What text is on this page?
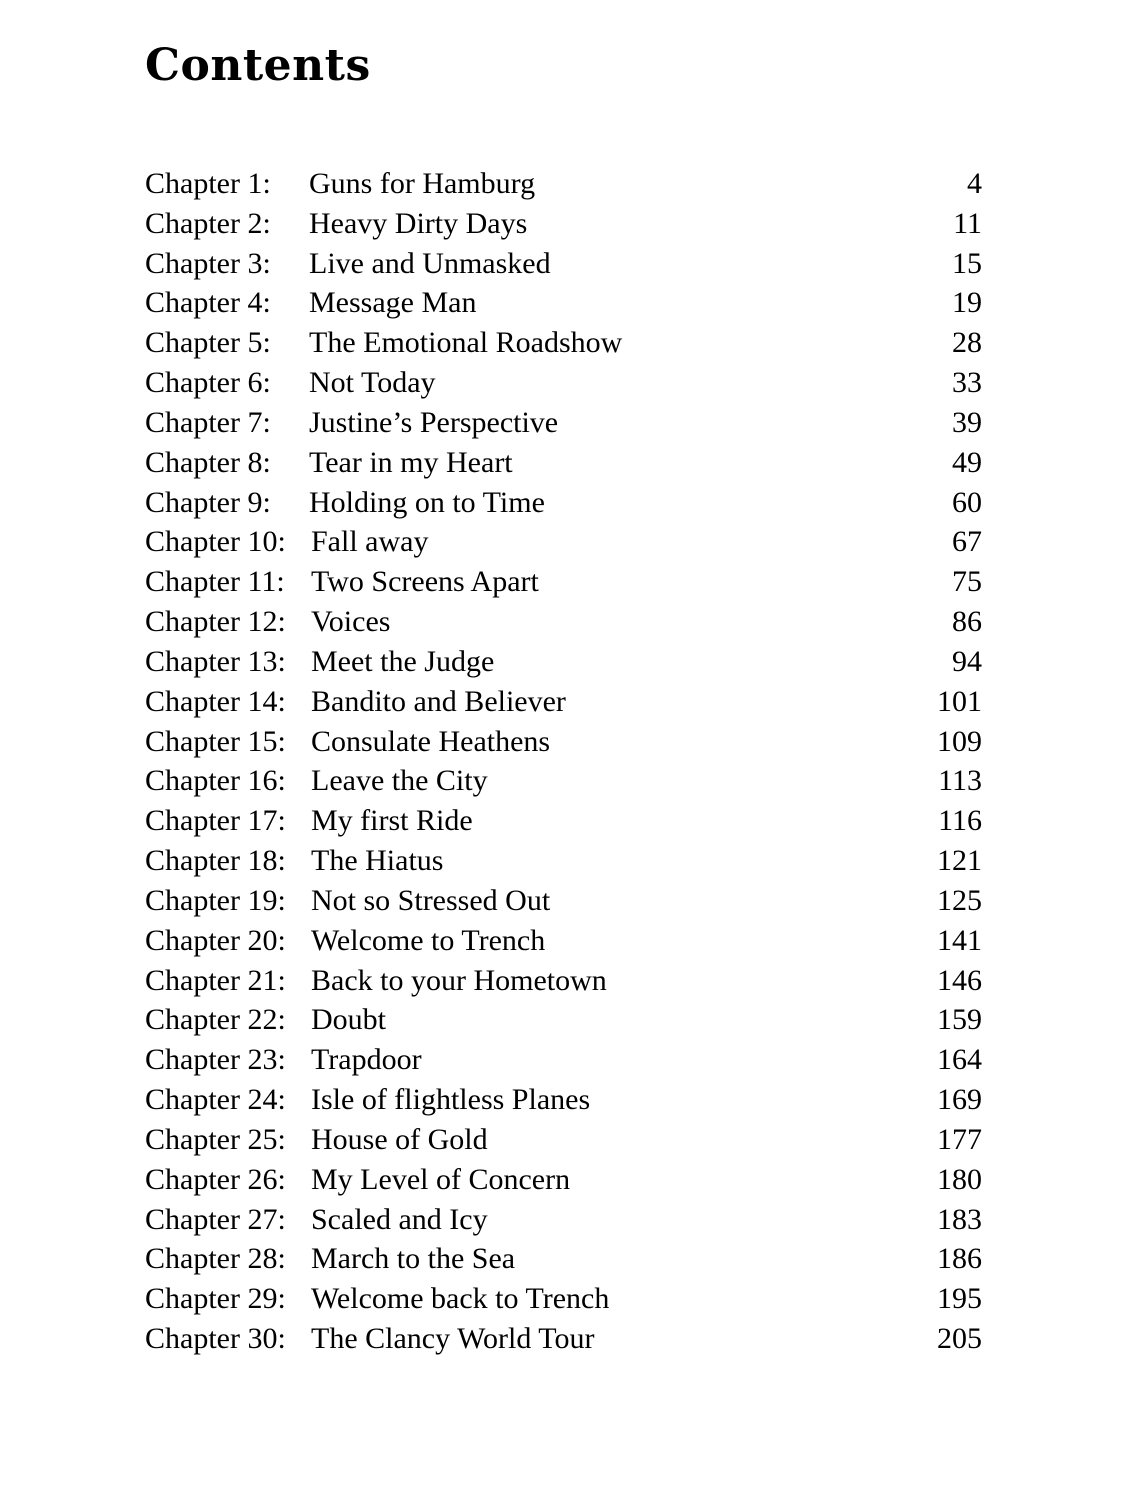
Contents
Chapter 1: Guns for Hamburg	4
Chapter 2: Heavy Dirty Days	11
Chapter 3: Live and Unmasked	15
Chapter 4: Message Man	19
Chapter 5: The Emotional Roadshow	28
Chapter 6: Not Today	33
Chapter 7: Justine’s Perspective	39
Chapter 8: Tear in my Heart	49
Chapter 9: Holding on to Time	60
Chapter 10: Fall away	67
Chapter 11: Two Screens Apart	75
Chapter 12: Voices	86
Chapter 13: Meet the Judge	94
Chapter 14: Bandito and Believer	101
Chapter 15: Consulate Heathens	109
Chapter 16: Leave the City	113
Chapter 17: My first Ride	116
Chapter 18: The Hiatus	121
Chapter 19: Not so Stressed Out	125
Chapter 20: Welcome to Trench	141
Chapter 21: Back to your Hometown	146
Chapter 22: Doubt	159
Chapter 23: Trapdoor	164
Chapter 24: Isle of flightless Planes	169
Chapter 25: House of Gold	177
Chapter 26: My Level of Concern	180
Chapter 27: Scaled and Icy	183
Chapter 28: March to the Sea	186
Chapter 29: Welcome back to Trench	195
Chapter 30: The Clancy World Tour	205
